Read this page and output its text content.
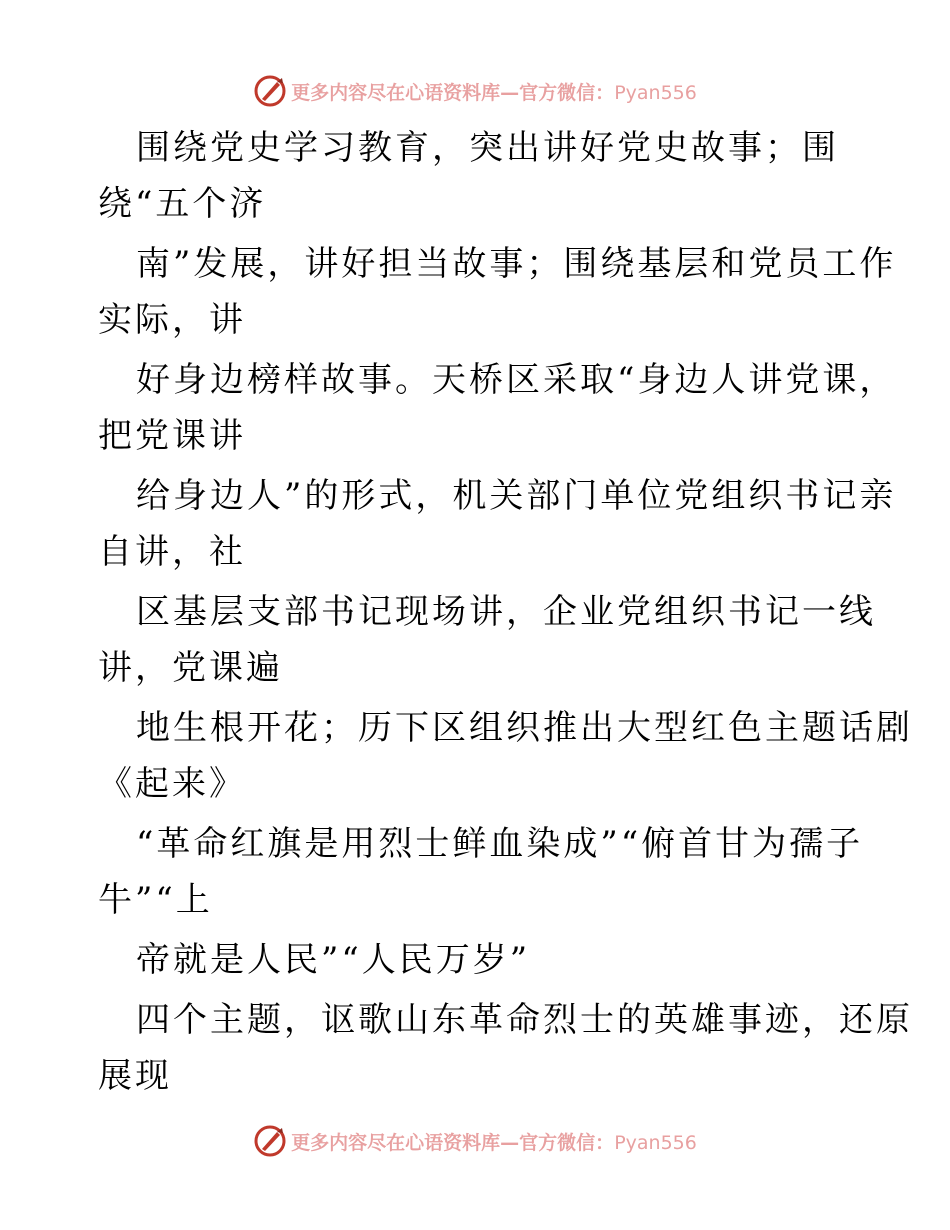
更多内容尽在心语资料库—官方微信：Pyan556
围绕党史学习教育，突出讲好党史故事；围
绕“五个济
南”发展，讲好担当故事；围绕基层和党员工作
实际，讲
好身边榜样故事。天桥区采取“身边人讲党课，
把党课讲
给身边人”的形式，机关部门单位党组织书记亲
自讲，社
区基层支部书记现场讲，企业党组织书记一线
讲，党课遍
地生根开花；历下区组织推出大型红色主题话剧
《起来》
“革命红旗是用烈士鲜血染成”“俯首甘为孺子
牛”“上
帝就是人民”“人民万岁”
四个主题，讴歌山东革命烈士的英雄事迹，还原
展现
更多内容尽在心语资料库—官方微信：Pyan556
